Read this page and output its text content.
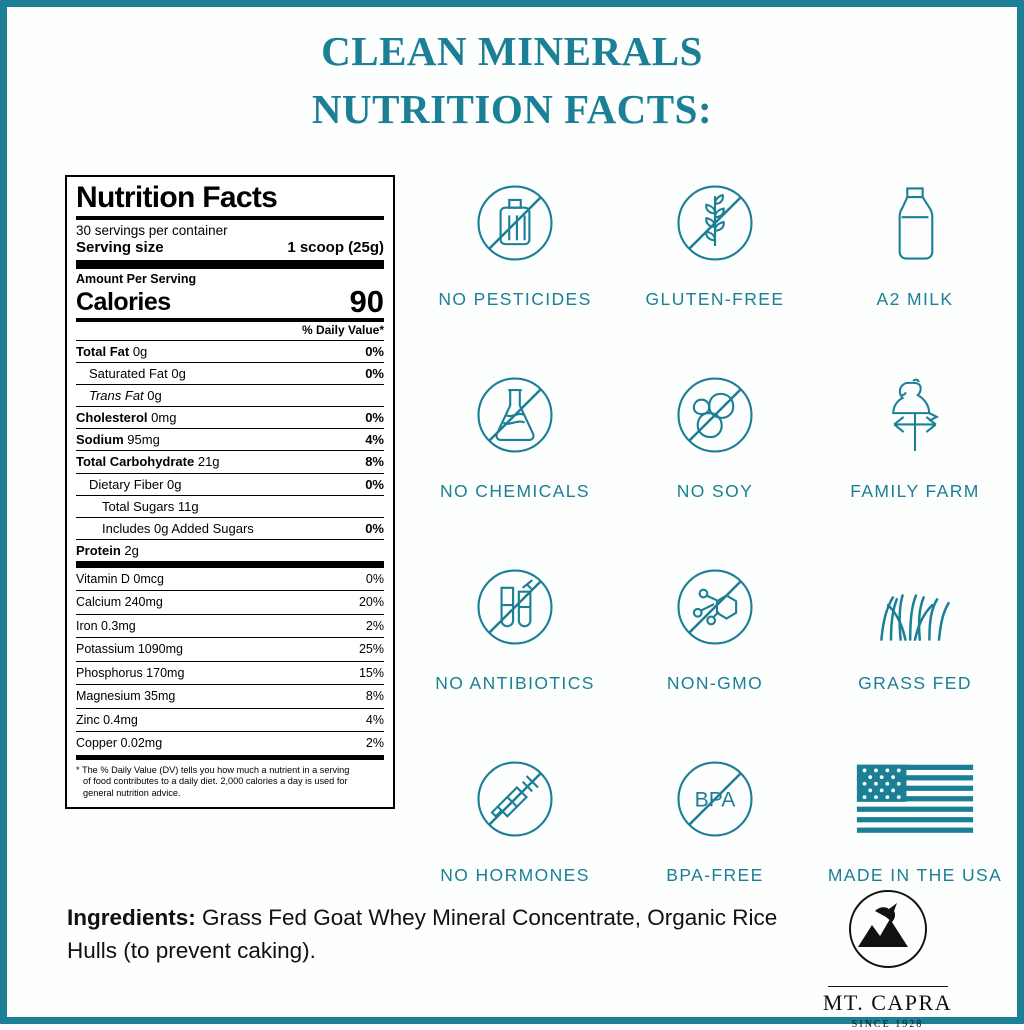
CLEAN MINERALS
NUTRITION FACTS:
Nutrition Facts
30 servings per container
Serving size	1 scoop (25g)
Amount Per Serving
Calories	90
% Daily Value*
Total Fat 0g	0%
Saturated Fat 0g	0%
Trans Fat 0g
Cholesterol 0mg	0%
Sodium 95mg	4%
Total Carbohydrate 21g	8%
Dietary Fiber 0g	0%
Total Sugars 11g
Includes 0g Added Sugars	0%
Protein 2g
Vitamin D 0mcg	0%
Calcium 240mg	20%
Iron 0.3mg	2%
Potassium 1090mg	25%
Phosphorus 170mg	15%
Magnesium 35mg	8%
Zinc 0.4mg	4%
Copper 0.02mg	2%
* The % Daily Value (DV) tells you how much a nutrient in a serving
of food contributes to a daily diet. 2,000 calories a day is used for
general nutrition advice.
NO PESTICIDES	GLUTEN-FREE	A2 MILK
NO CHEMICALS	NO SOY	FAMILY FARM
NO ANTIBIOTICS	NON-GMO	GRASS FED
NO HORMONES
BPA
BPA-FREE	MADE IN THE USA
Ingredients: Grass Fed Goat Whey Mineral Concentrate, Organic Rice Hulls (to prevent caking).
MT. CAPRA
SINCE 1928
